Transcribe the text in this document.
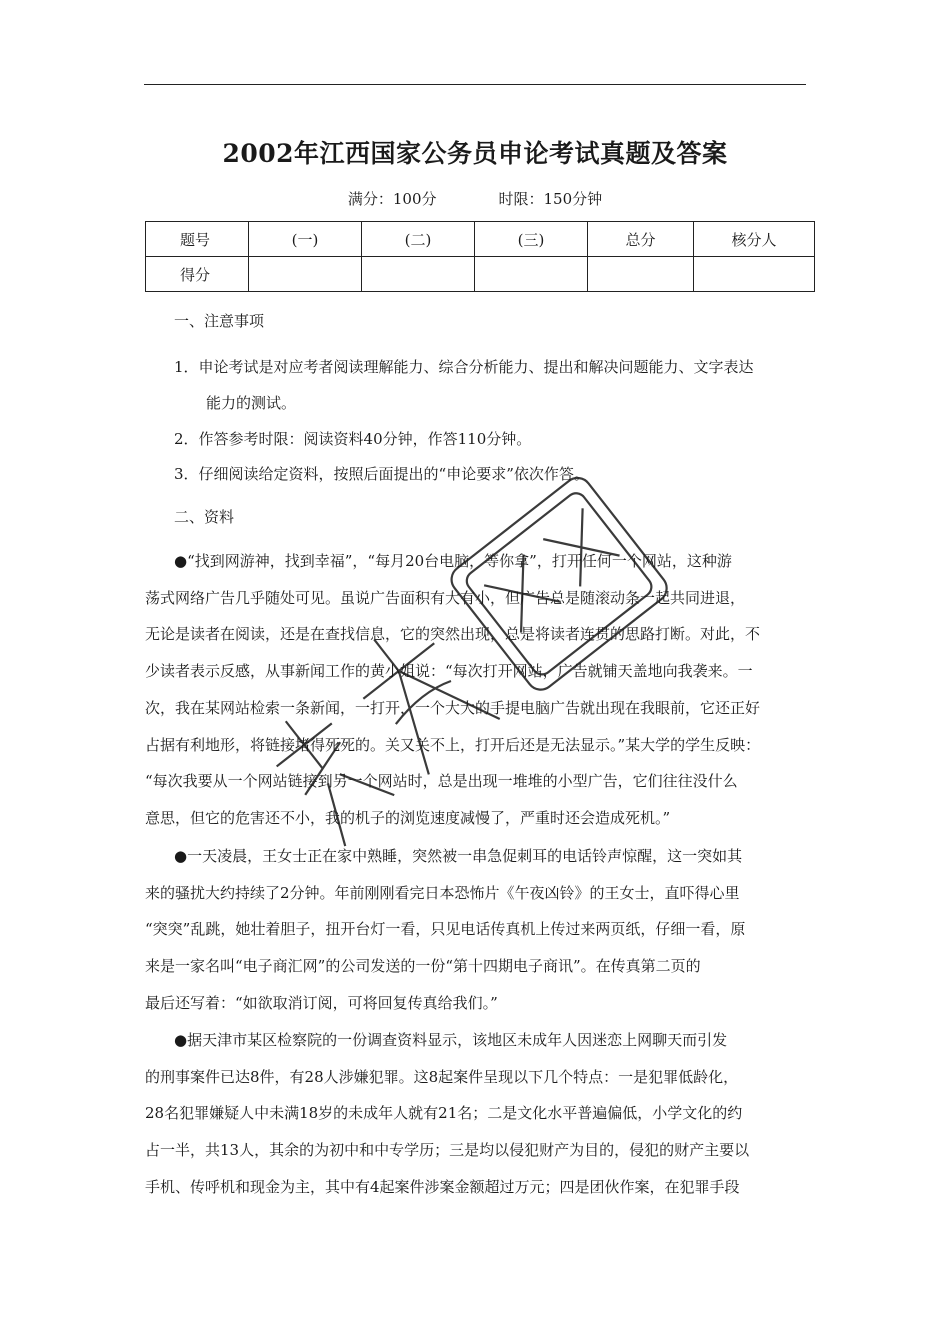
2002年江西国家公务员申论考试真题及答案
满分：100分	时限：150分钟
题号	(一)	(二)	(三)	总分	核分人
得分					
一、注意事项
1．申论考试是对应考者阅读理解能力、综合分析能力、提出和解决问题能力、文字表达
能力的测试。
2．作答参考时限：阅读资料40分钟，作答110分钟。
3．仔细阅读给定资料，按照后面提出的“申论要求”依次作答。
二、资料
●“找到网游神，找到幸福”，“每月20台电脑，等你拿”，打开任何一个网站，这种游
荡式网络广告几乎随处可见。虽说广告面积有大有小，但广告总是随滚动条一起共同进退，
无论是读者在阅读，还是在查找信息，它的突然出现，总是将读者连贯的思路打断。对此，不
少读者表示反感，从事新闻工作的黄小姐说：“每次打开网站，广告就铺天盖地向我袭来。一
次，我在某网站检索一条新闻，一打开，一个大大的手提电脑广告就出现在我眼前，它还正好
占据有利地形，将链接堵得死死的。关又关不上，打开后还是无法显示。”某大学的学生反映：
“每次我要从一个网站链接到另一个网站时，总是出现一堆堆的小型广告，它们往往没什么
意思，但它的危害还不小，我的机子的浏览速度减慢了，严重时还会造成死机。”
●一天凌晨，王女士正在家中熟睡，突然被一串急促刺耳的电话铃声惊醒，这一突如其
来的骚扰大约持续了2分钟。年前刚刚看完日本恐怖片《午夜凶铃》的王女士，直吓得心里
“突突”乱跳，她壮着胆子，扭开台灯一看，只见电话传真机上传过来两页纸，仔细一看，原
来是一家名叫“电子商汇网”的公司发送的一份“第十四期电子商讯”。在传真第二页的
最后还写着：“如欲取消订阅，可将回复传真给我们。”
●据天津市某区检察院的一份调查资料显示，该地区未成年人因迷恋上网聊天而引发
的刑事案件已达8件，有28人涉嫌犯罪。这8起案件呈现以下几个特点：一是犯罪低龄化，
28名犯罪嫌疑人中未满18岁的未成年人就有21名；二是文化水平普遍偏低，小学文化的约
占一半，共13人，其余的为初中和中专学历；三是均以侵犯财产为目的，侵犯的财产主要以
手机、传呼机和现金为主，其中有4起案件涉案金额超过万元；四是团伙作案，在犯罪手段
